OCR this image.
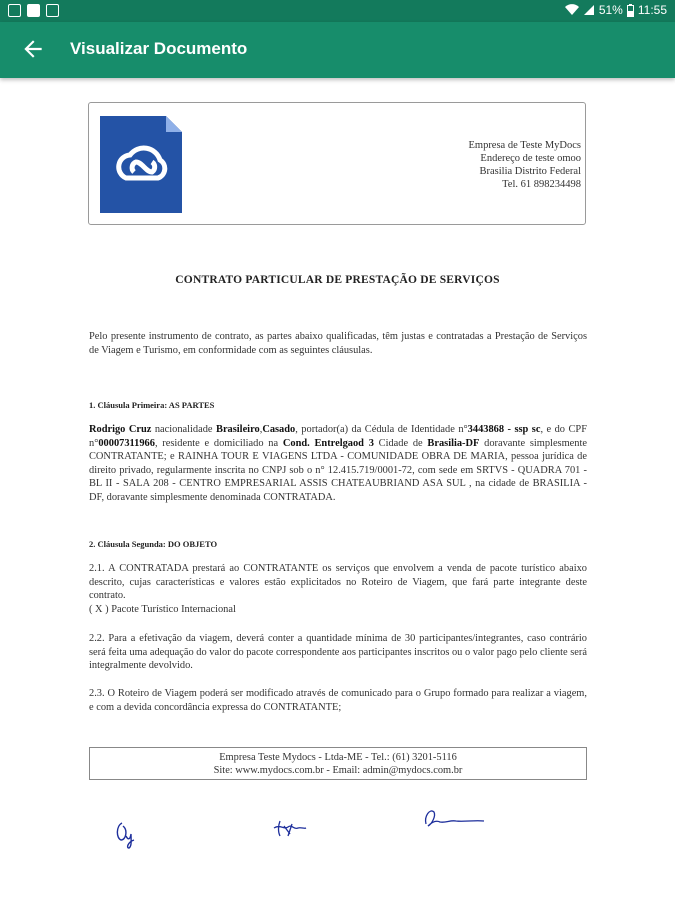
51% 11:55
Visualizar Documento
Empresa de Teste MyDocs
Endereço de teste omoo
Brasilia Distrito Federal
Tel. 61 898234498
CONTRATO PARTICULAR DE PRESTAÇÃO DE SERVIÇOS
Pelo presente instrumento de contrato, as partes abaixo qualificadas, têm justas e contratadas a Prestação de Serviços de Viagem e Turismo, em conformidade com as seguintes cláusulas.
1. Cláusula Primeira: AS PARTES
Rodrigo Cruz nacionalidade Brasileiro,Casado, portador(a) da Cédula de Identidade n°3443868 - ssp sc, e do CPF n°00007311966, residente e domiciliado na Cond. Entrelgaod 3 Cidade de Brasilia-DF doravante simplesmente CONTRATANTE; e RAINHA TOUR E VIAGENS LTDA - COMUNIDADE OBRA DE MARIA, pessoa jurídica de direito privado, regularmente inscrita no CNPJ sob o n° 12.415.719/0001-72, com sede em SRTVS - QUADRA 701 - BL II - SALA 208 - CENTRO EMPRESARIAL ASSIS CHATEAUBRIAND ASA SUL , na cidade de BRASILIA - DF, doravante simplesmente denominada CONTRATADA.
2. Cláusula Segunda: DO OBJETO
2.1. A CONTRATADA prestará ao CONTRATANTE os serviços que envolvem a venda de pacote turístico abaixo descrito, cujas características e valores estão explicitados no Roteiro de Viagem, que fará parte integrante deste contrato.
( X ) Pacote Turístico Internacional
2.2. Para a efetivação da viagem, deverá conter a quantidade mínima de 30 participantes/integrantes, caso contrário será feita uma adequação do valor do pacote correspondente aos participantes inscritos ou o valor pago pelo cliente será integralmente devolvido.
2.3. O Roteiro de Viagem poderá ser modificado através de comunicado para o Grupo formado para realizar a viagem, e com a devida concordância expressa do CONTRATANTE;
Empresa Teste Mydocs - Ltda-ME - Tel.: (61) 3201-5116
Site: www.mydocs.com.br - Email: admin@mydocs.com.br
